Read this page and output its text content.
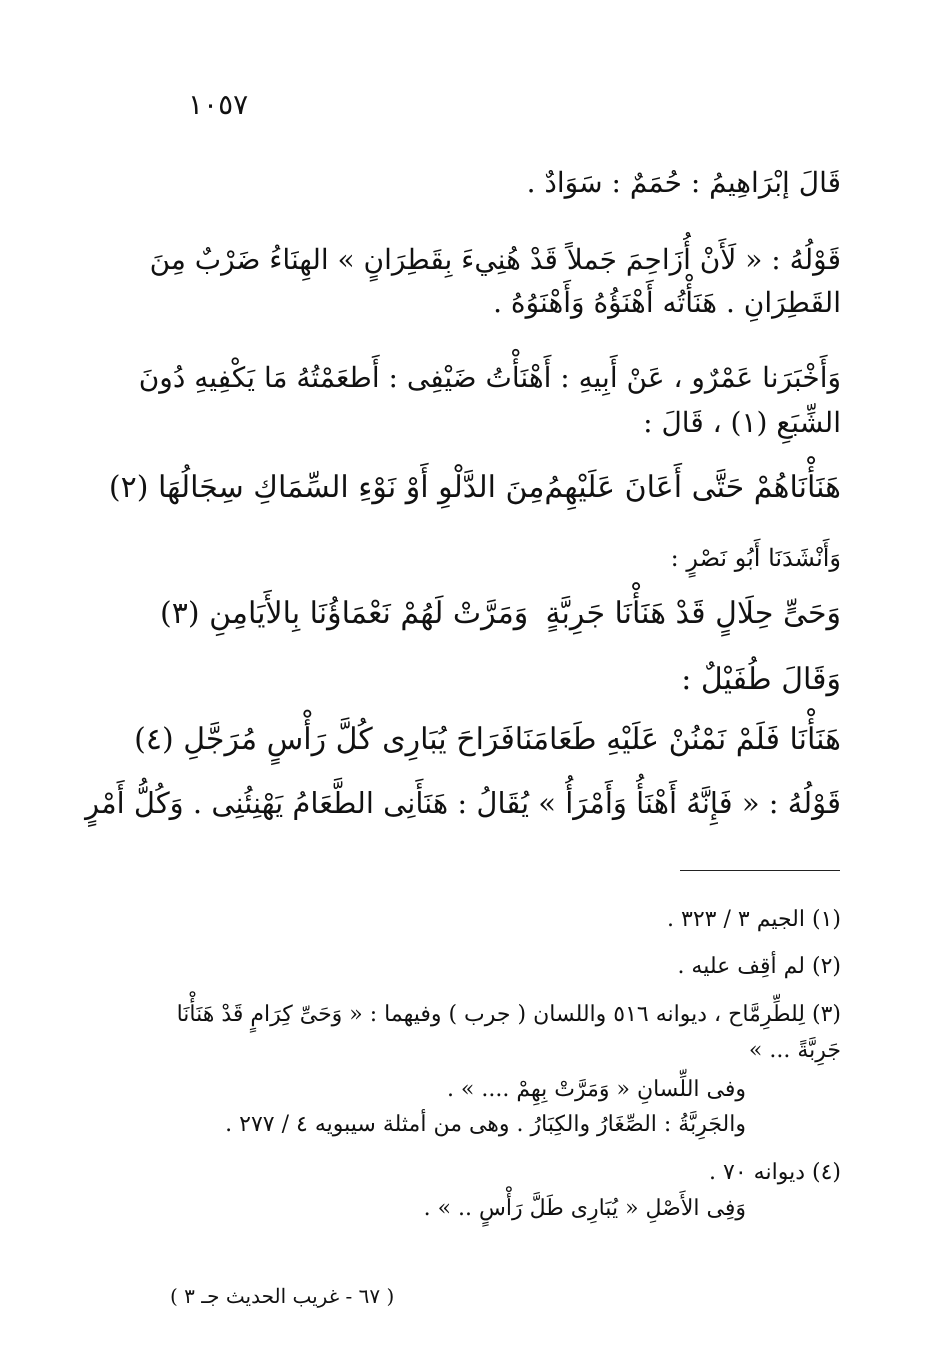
١٠٥٧
قَالَ إبْرَاهِيمُ : حُمَمٌ : سَوَادٌ .
قَوْلُهُ : « لَأَنْ أُزَاحِمَ جَملاً قَدْ هُنِيءَ بِقَطِرَانٍ » الهِنَاءُ ضَرْبٌ مِنَ
القَطِرَانِ . هَنَأْتُه أَهْنَؤُهُ وَأَهْنَوُهُ .
وَأَخْبَرَنا عَمْرٌو ، عَنْ أَبِيهِ : أَهْنَأْتُ ضَيْفِى : أَطعَمْتُهُ مَا يَكْفِيهِ دُونَ
الشِّبَعِ (١) ، قَالَ :
هَنَأْنَاهُمْ حَتَّى أَعَانَ عَلَيْهِمُ
مِنَ الدَّلْوِ أَوْ نَوْءِ السِّمَاكِ سِجَالُهَا (٢)
وَأَنْشَدَنَا أَبُو نَصْرٍ :
وَحَىٍّ حِلَالٍ قَدْ هَنَأْنَا جَرِبَّةٍ
وَمَرَّتْ لَهُمْ نَعْمَاؤُنَا بِالأَيَامِنِ (٣)
وَقَالَ طُفَيْلٌ :
هَنَأْنَا فَلَمْ نَمْنُنْ عَلَيْهِ طَعَامَنَا
فَرَاحَ يُبَارِى كُلَّ رَأْسٍ مُرَجَّلِ (٤)
قَوْلُهُ : « فَإِنَّهُ أَهْنَأُ وَأَمْرَأُ » يُقَالُ : هَنَأَنِى الطَّعَامُ يَهْنِئُنِى . وَكُلُّ أَمْرٍ
(١) الجيم ٣ / ٣٢٣ .
(٢) لم أقِف عليه .
(٣) لِلطِّرِمَّاح ، ديوانه ٥١٦ واللسان ( جرب ) وفيهما : « وَحَىِّ كِرَامٍ قَدْ هَنَأْنَا
جَرِبَّةً ... »
وفى اللِّسانِ « وَمَرَّتْ بِهِمْ .... » .
والجَرِبَّةُ : الصِّغَارُ والكِبَارُ . وهى من أمثلة سيبويه ٤ / ٢٧٧ .
(٤) ديوانه ٧٠ .
وَفِى الأَصْلِ « يُبَارِى طَلَّ رَأْسٍ .. » .
( ٦٧ - غريب الحديث جـ ٣ )
